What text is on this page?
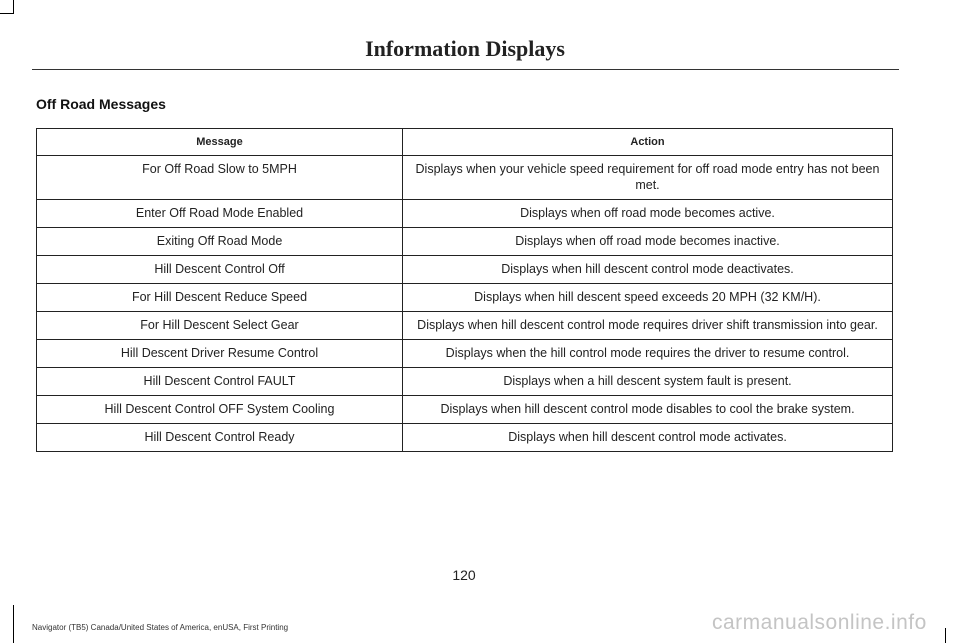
Information Displays
Off Road Messages
Message	Action
For Off Road Slow to 5MPH	Displays when your vehicle speed requirement for off road mode entry has not been met.
Enter Off Road Mode Enabled	Displays when off road mode becomes active.
Exiting Off Road Mode	Displays when off road mode becomes inactive.
Hill Descent Control Off	Displays when hill descent control mode deactivates.
For Hill Descent Reduce Speed	Displays when hill descent speed exceeds 20 MPH (32 KM/H).
For Hill Descent Select Gear	Displays when hill descent control mode requires driver shift transmission into gear.
Hill Descent Driver Resume Control	Displays when the hill control mode requires the driver to resume control.
Hill Descent Control FAULT	Displays when a hill descent system fault is present.
Hill Descent Control OFF System Cooling	Displays when hill descent control mode disables to cool the brake system.
Hill Descent Control Ready	Displays when hill descent control mode activates.
120
Navigator (TB5) Canada/United States of America, enUSA, First Printing	carmanualsonline.info
